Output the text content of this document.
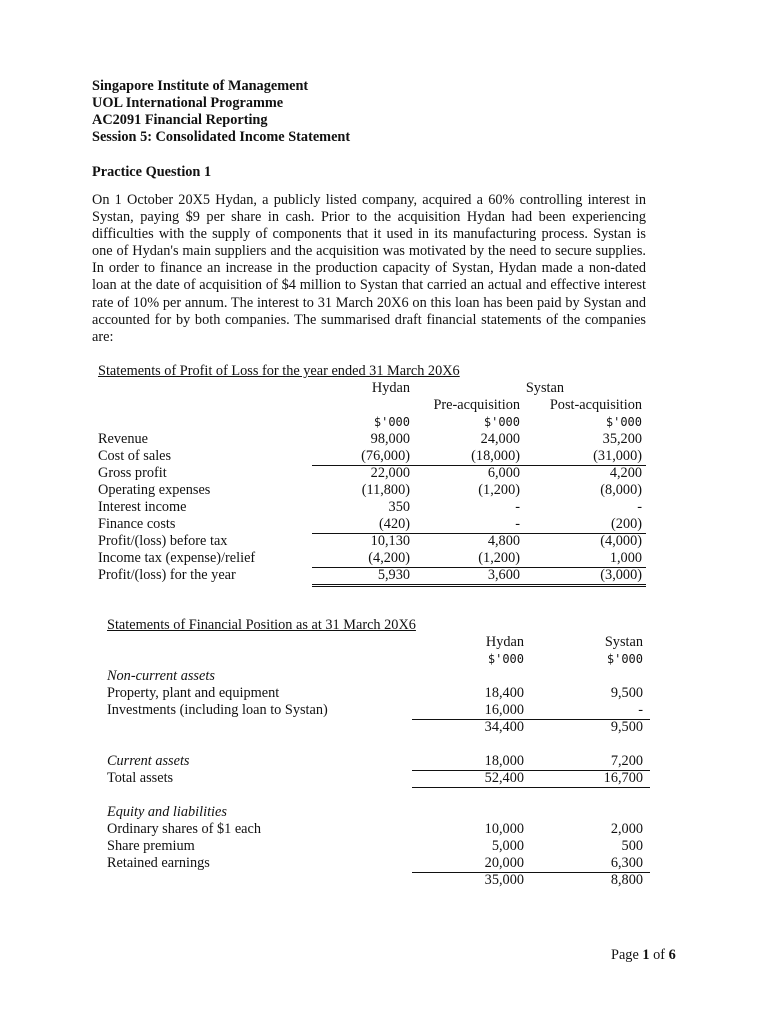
Singapore Institute of Management
UOL International Programme
AC2091 Financial Reporting
Session 5: Consolidated Income Statement
Practice Question 1
On 1 October 20X5 Hydan, a publicly listed company, acquired a 60% controlling interest in Systan, paying $9 per share in cash. Prior to the acquisition Hydan had been experiencing difficulties with the supply of components that it used in its manufacturing process. Systan is one of Hydan's main suppliers and the acquisition was motivated by the need to secure supplies. In order to finance an increase in the production capacity of Systan, Hydan made a non-dated loan at the date of acquisition of $4 million to Systan that carried an actual and effective interest rate of 10% per annum. The interest to 31 March 20X6 on this loan has been paid by Systan and accounted for by both companies. The summarised draft financial statements of the companies are:
Statements of Profit of Loss for the year ended 31 March 20X6
Hydan	Systan
Pre-acquisition Post-acquisition
$'000	$'000	$'000
Revenue	98,000	24,000	35,200
Cost of sales	(76,000)	(18,000)	(31,000)
Gross profit	22,000	6,000	4,200
Operating expenses	(11,800)	(1,200)	(8,000)
Interest income	350	-	-
Finance costs	(420)	-	(200)
Profit/(loss) before tax	10,130	4,800	(4,000)
Income tax (expense)/relief	(4,200)	(1,200)	1,000
Profit/(loss) for the year	5,930	3,600	(3,000)
Statements of Financial Position as at 31 March 20X6
Hydan	Systan
$'000	$'000
Non-current assets
Property, plant and equipment	18,400	9,500
Investments (including loan to Systan)	16,000	-
34,400	9,500
Current assets	18,000	7,200
Total assets	52,400	16,700
Equity and liabilities
Ordinary shares of $1 each	10,000	2,000
Share premium	5,000	500
Retained earnings	20,000	6,300
35,000	8,800
Page 1 of 6
